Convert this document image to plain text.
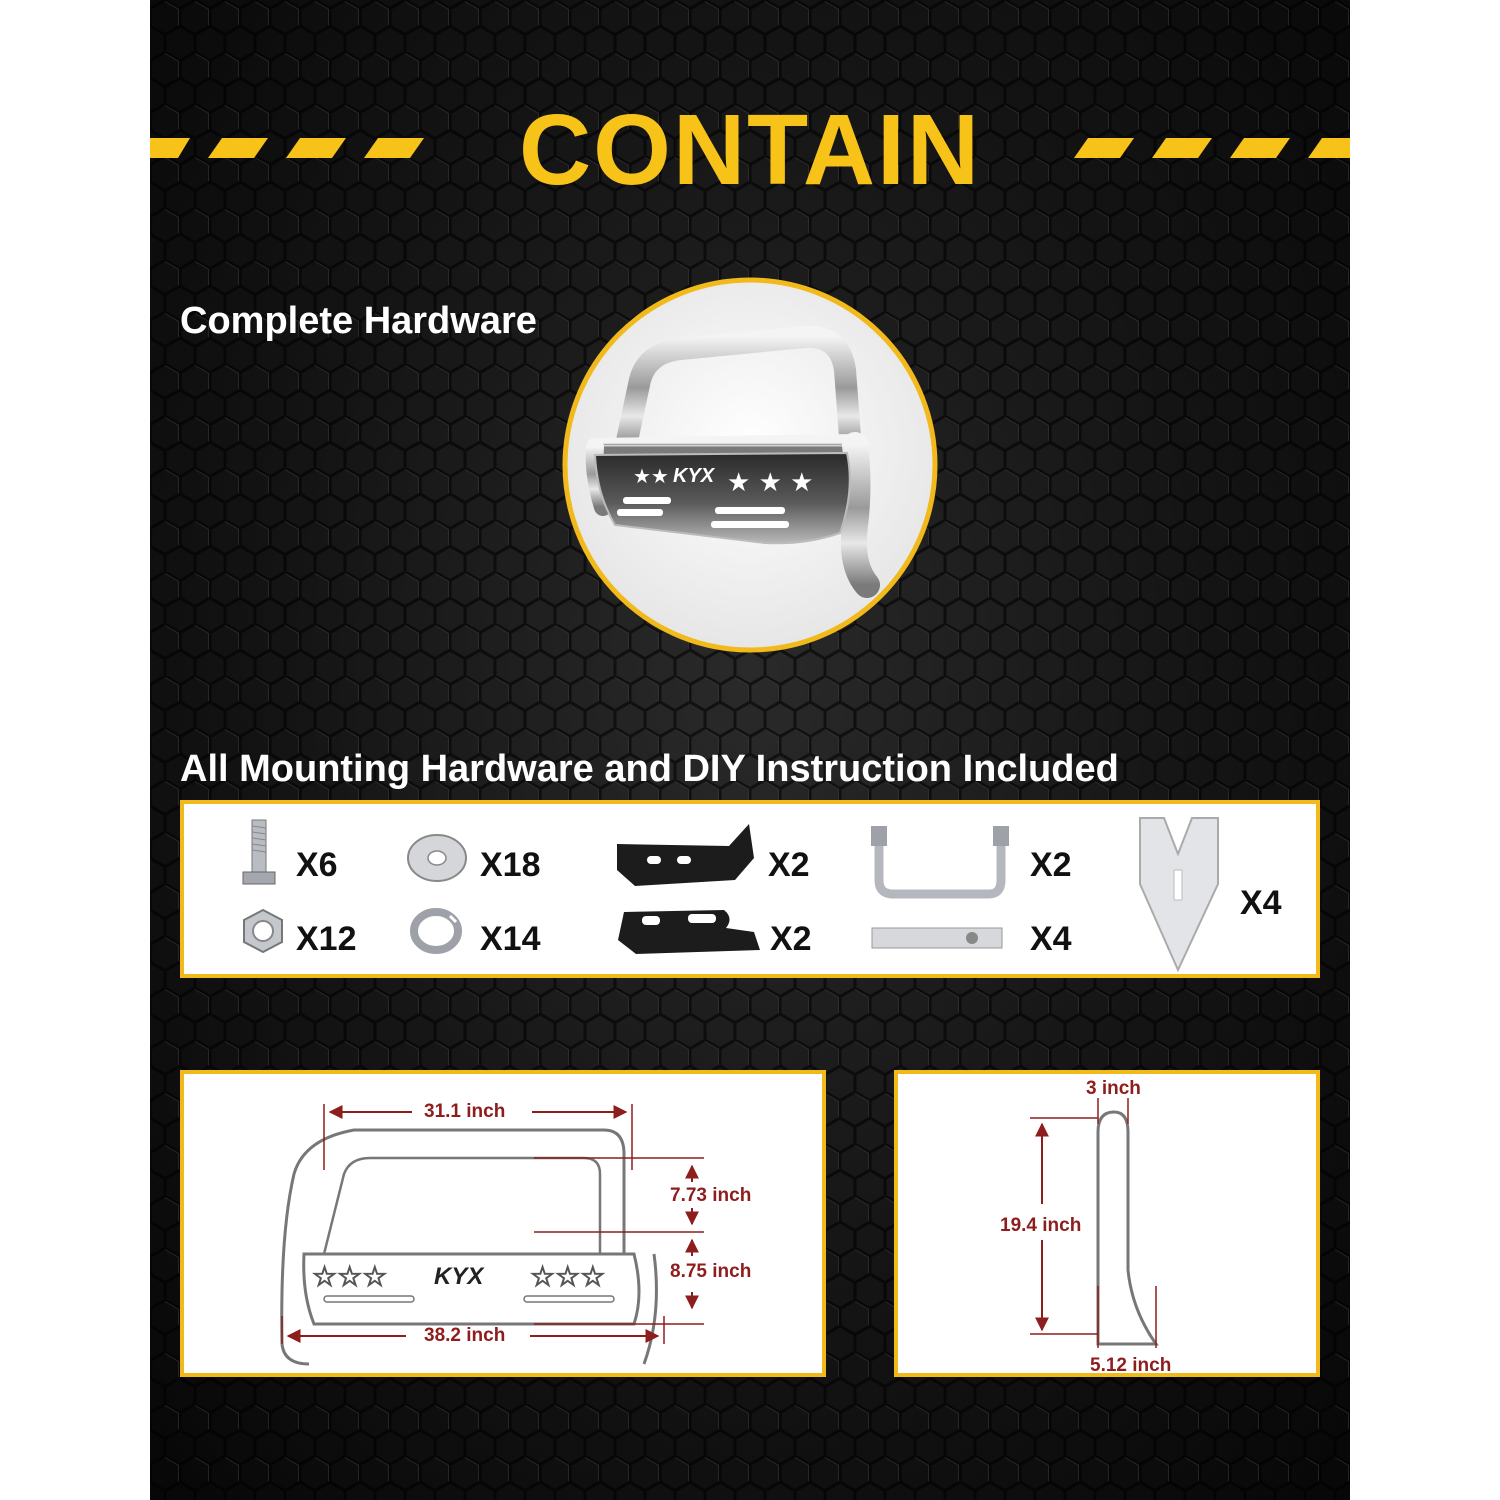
CONTAIN
Complete Hardware
★★ KYX ★ ★ ★
All Mounting Hardware and DIY Instruction Included
X6	X18	X2	X2
X12	X14	X2	X4
X4
☆☆☆	☆☆☆
KYX
31.1 inch
7.73 inch
8.75 inch
38.2 inch
3 inch
19.4 inch
5.12 inch
